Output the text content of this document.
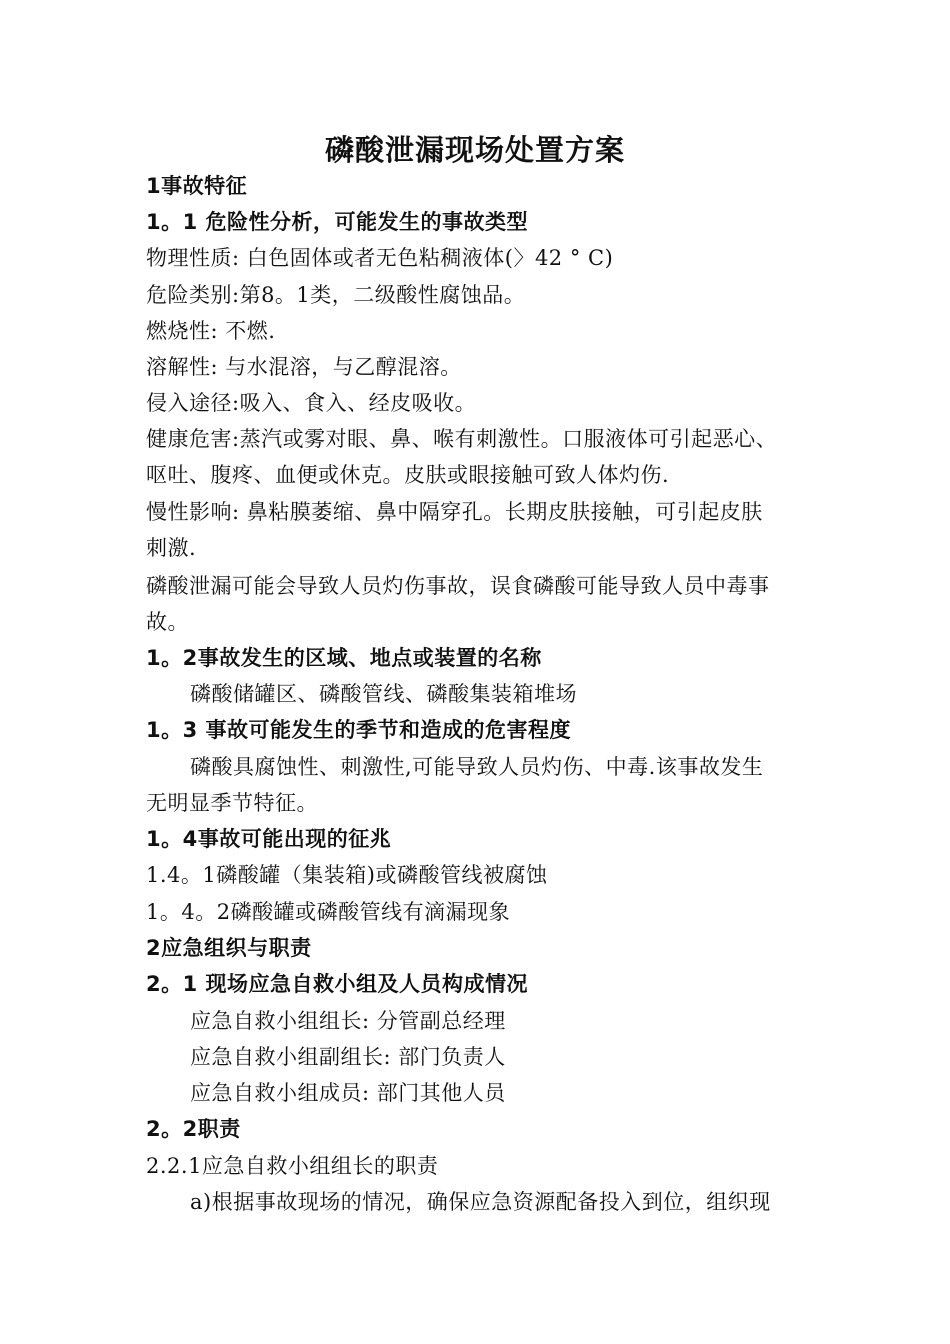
磷酸泄漏现场处置方案
1事故特征
1。1 危险性分析，可能发生的事故类型
物理性质: 白色固体或者无色粘稠液体(〉42 ° C)
危险类别:第8。1类，二级酸性腐蚀品。
燃烧性: 不燃.
溶解性: 与水混溶，与乙醇混溶。
侵入途径:吸入、食入、经皮吸收。
健康危害:蒸汽或雾对眼、鼻、喉有刺激性。口服液体可引起恶心、
呕吐、腹疼、血便或休克。皮肤或眼接触可致人体灼伤.
慢性影响: 鼻粘膜萎缩、鼻中隔穿孔。长期皮肤接触，可引起皮肤
刺激.
磷酸泄漏可能会导致人员灼伤事故，误食磷酸可能导致人员中毒事
故。
1。2事故发生的区域、地点或装置的名称
磷酸储罐区、磷酸管线、磷酸集装箱堆场
1。3 事故可能发生的季节和造成的危害程度
磷酸具腐蚀性、刺激性,可能导致人员灼伤、中毒.该事故发生
无明显季节特征。
1。4事故可能出现的征兆
1.4。1磷酸罐（集装箱)或磷酸管线被腐蚀
1。4。2磷酸罐或磷酸管线有滴漏现象
2应急组织与职责
2。1 现场应急自救小组及人员构成情况
应急自救小组组长: 分管副总经理
应急自救小组副组长: 部门负责人
应急自救小组成员: 部门其他人员
2。2职责
2.2.1应急自救小组组长的职责
a)根据事故现场的情况，确保应急资源配备投入到位，组织现
